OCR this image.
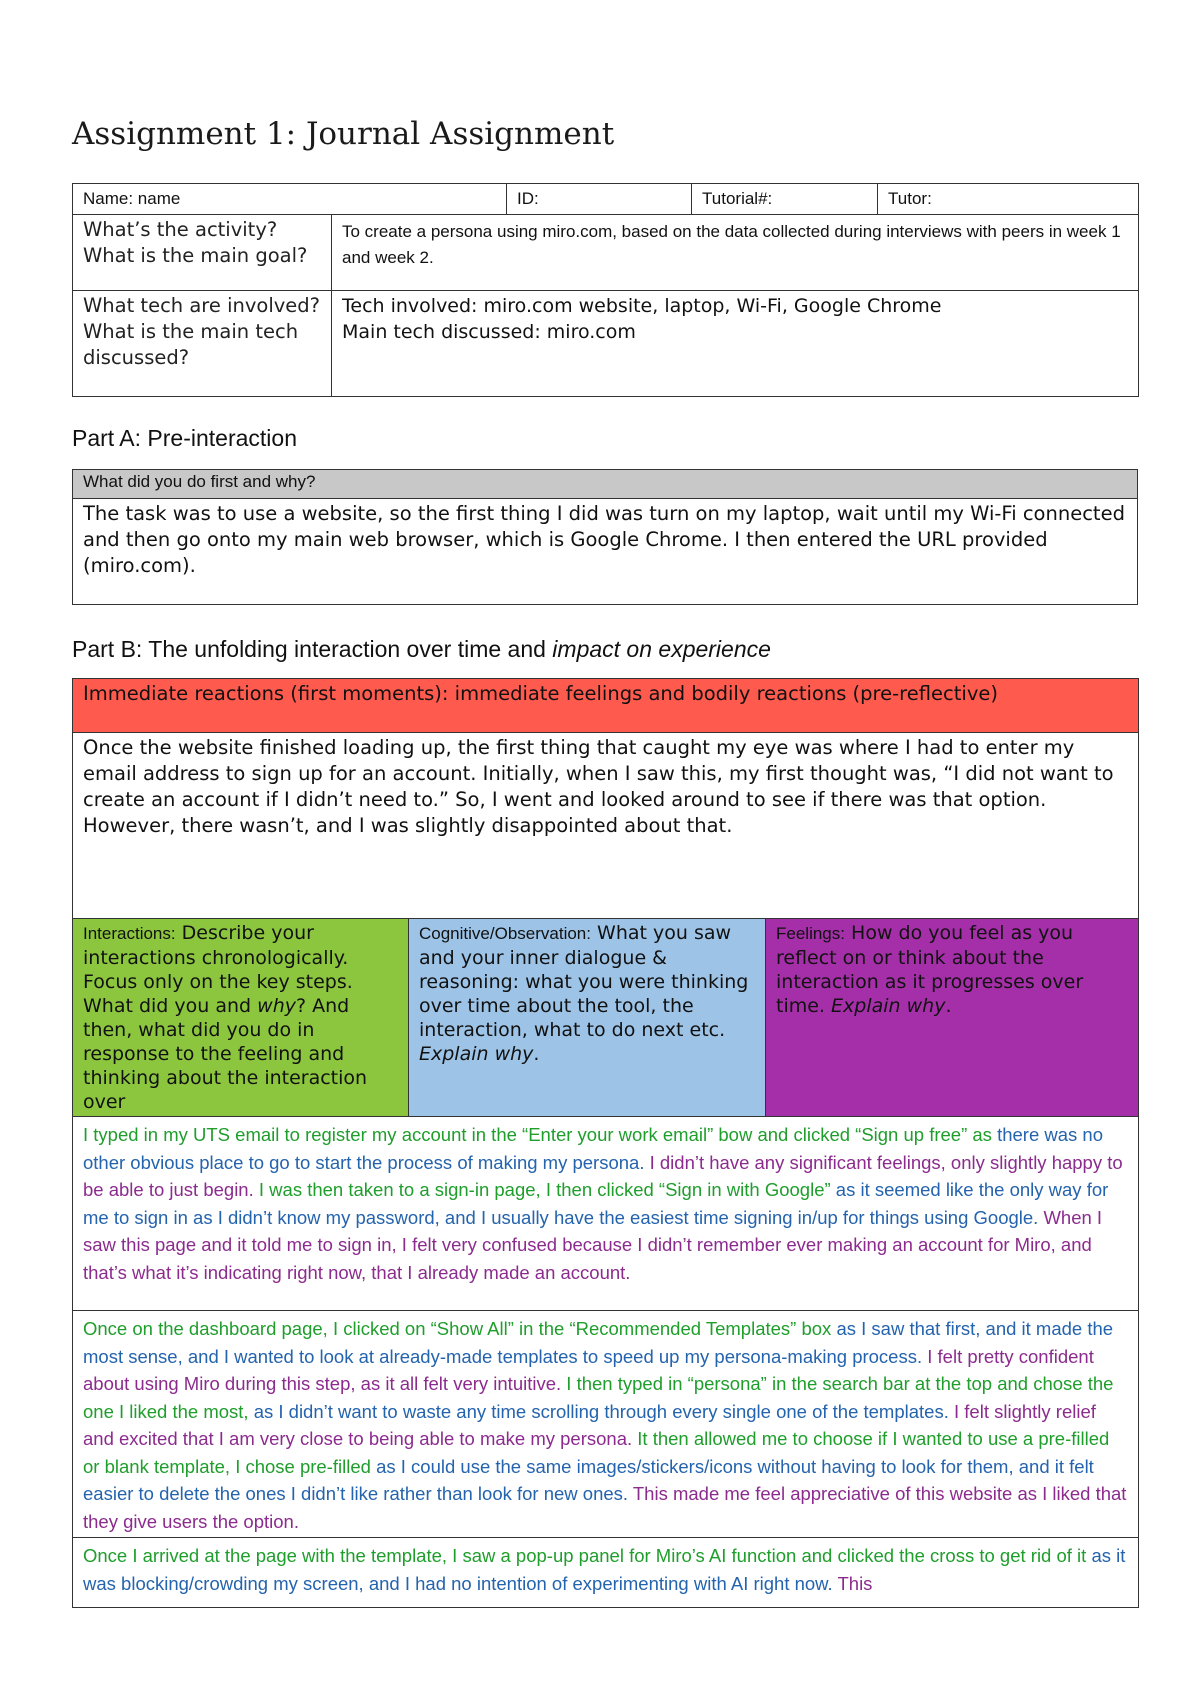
Assignment 1: Journal Assignment
Name: name		ID:	Tutorial#:	Tutor:
What’s the activity? What is the main goal?	To create a persona using miro.com, based on the data collected during interviews with peers in week 1 and week 2.			
What tech are involved? What is the main tech discussed?	Tech involved: miro.com website, laptop, Wi-Fi, Google Chrome
Main tech discussed: miro.com			
Part A: Pre-interaction
What did you do first and why?
The task was to use a website, so the first thing I did was turn on my laptop, wait until my Wi-Fi connected and then go onto my main web browser, which is Google Chrome. I then entered the URL provided (miro.com).
Part B: The unfolding interaction over time and impact on experience
Immediate reactions (first moments): immediate feelings and bodily reactions (pre-reflective)
Once the website finished loading up, the first thing that caught my eye was where I had to enter my email address to sign up for an account. Initially, when I saw this, my first thought was, “I did not want to create an account if I didn’t need to.” So, I went and looked around to see if there was that option. However, there wasn’t, and I was slightly disappointed about that.
Interactions: Describe your interactions chronologically. Focus only on the key steps. What did you and why? And then, what did you do in response to the feeling and thinking about the interaction over	Cognitive/Observation: What you saw and your inner dialogue & reasoning: what you were thinking over time about the tool, the interaction, what to do next etc. Explain why.	Feelings: How do you feel as you reflect on or think about the interaction as it progresses over time. Explain why.
I typed in my UTS email to register my account in the “Enter your work email” bow and clicked “Sign up free” as there was no other obvious place to go to start the process of making my persona. I didn’t have any significant feelings, only slightly happy to be able to just begin. I was then taken to a sign-in page, I then clicked “Sign in with Google” as it seemed like the only way for me to sign in as I didn’t know my password, and I usually have the easiest time signing in/up for things using Google. When I saw this page and it told me to sign in, I felt very confused because I didn’t remember ever making an account for Miro, and that’s what it’s indicating right now, that I already made an account.
Once on the dashboard page, I clicked on “Show All” in the “Recommended Templates” box as I saw that first, and it made the most sense, and I wanted to look at already-made templates to speed up my persona-making process. I felt pretty confident about using Miro during this step, as it all felt very intuitive. I then typed in “persona” in the search bar at the top and chose the one I liked the most, as I didn’t want to waste any time scrolling through every single one of the templates. I felt slightly relief and excited that I am very close to being able to make my persona. It then allowed me to choose if I wanted to use a pre-filled or blank template, I chose pre-filled as I could use the same images/stickers/icons without having to look for them, and it felt easier to delete the ones I didn’t like rather than look for new ones. This made me feel appreciative of this website as I liked that they give users the option.
Once I arrived at the page with the template, I saw a pop-up panel for Miro’s AI function and clicked the cross to get rid of it as it was blocking/crowding my screen, and I had no intention of experimenting with AI right now. This
